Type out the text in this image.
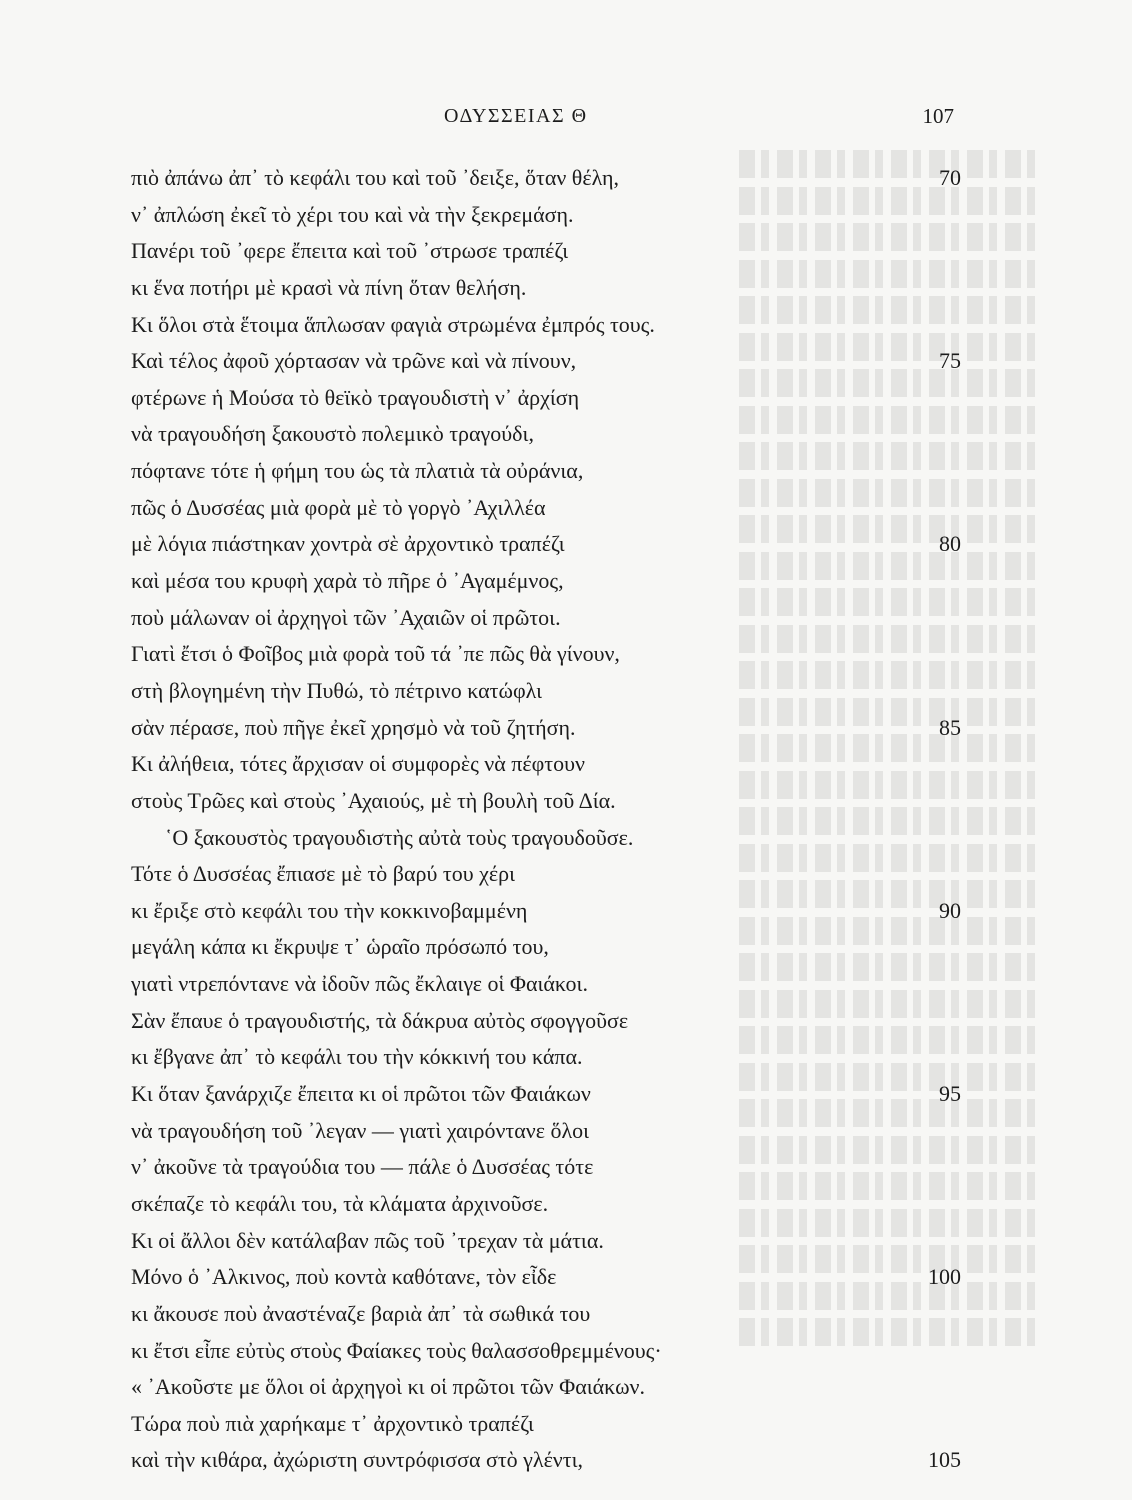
ΟΔΥΣΣΕΙΑΣ Θ	107
πιὸ ἀπάνω ἀπ᾽ τὸ κεφάλι του καὶ τοῦ ᾽δειξε, ὅταν θέλη,	70
ν᾽ ἀπλώση ἐκεῖ τὸ χέρι του καὶ νὰ τὴν ξεκρεμάση.
Πανέρι τοῦ ᾽φερε ἔπειτα καὶ τοῦ ᾽στρωσε τραπέζι
κι ἕνα ποτήρι μὲ κρασὶ νὰ πίνη ὅταν θελήση.
Κι ὅλοι στὰ ἕτοιμα ἅπλωσαν φαγιὰ στρωμένα ἐμπρός τους.
Καὶ τέλος ἀφοῦ χόρτασαν νὰ τρῶνε καὶ νὰ πίνουν,	75
φτέρωνε ἡ Μούσα τὸ θεϊκὸ τραγουδιστὴ ν᾽ ἀρχίση
νὰ τραγουδήση ξακουστὸ πολεμικὸ τραγούδι,
πόφτανε τότε ἡ φήμη του ὡς τὰ πλατιὰ τὰ οὐράνια,
πῶς ὁ Δυσσέας μιὰ φορὰ μὲ τὸ γοργὸ ᾽Αχιλλέα
μὲ λόγια πιάστηκαν χοντρὰ σὲ ἀρχοντικὸ τραπέζι	80
καὶ μέσα του κρυφὴ χαρὰ τὸ πῆρε ὁ ᾽Αγαμέμνος,
ποὺ μάλωναν οἱ ἀρχηγοὶ τῶν ᾽Αχαιῶν οἱ πρῶτοι.
Γιατὶ ἔτσι ὁ Φοῖβος μιὰ φορὰ τοῦ τά ᾽πε πῶς θὰ γίνουν,
στὴ βλογημένη τὴν Πυθώ, τὸ πέτρινο κατώφλι
σὰν πέρασε, ποὺ πῆγε ἐκεῖ χρησμὸ νὰ τοῦ ζητήση.	85
Κι ἀλήθεια, τότες ἄρχισαν οἱ συμφορὲς νὰ πέφτουν
στοὺς Τρῶες καὶ στοὺς ᾽Αχαιούς, μὲ τὴ βουλὴ τοῦ Δία.
῾Ο ξακουστὸς τραγουδιστὴς αὐτὰ τοὺς τραγουδοῦσε.
Τότε ὁ Δυσσέας ἔπιασε μὲ τὸ βαρύ του χέρι
κι ἔριξε στὸ κεφάλι του τὴν κοκκινοβαμμένη	90
μεγάλη κάπα κι ἔκρυψε τ᾽ ὡραῖο πρόσωπό του,
γιατὶ ντρεπόντανε νὰ ἰδοῦν πῶς ἔκλαιγε οἱ Φαιάκοι.
Σὰν ἔπαυε ὁ τραγουδιστής, τὰ δάκρυα αὐτὸς σφογγοῦσε
κι ἔβγανε ἀπ᾽ τὸ κεφάλι του τὴν κόκκινή του κάπα.
Κι ὅταν ξανάρχιζε ἔπειτα κι οἱ πρῶτοι τῶν Φαιάκων	95
νὰ τραγουδήση τοῦ ᾽λεγαν — γιατὶ χαιρόντανε ὅλοι
ν᾽ ἀκοῦνε τὰ τραγούδια του — πάλε ὁ Δυσσέας τότε
σκέπαζε τὸ κεφάλι του, τὰ κλάματα ἀρχινοῦσε.
Κι οἱ ἄλλοι δὲν κατάλαβαν πῶς τοῦ ᾽τρεχαν τὰ μάτια.
Μόνο ὁ ᾽Αλκινος, ποὺ κοντὰ καθότανε, τὸν εἶδε	100
κι ἄκουσε ποὺ ἀναστέναζε βαριὰ ἀπ᾽ τὰ σωθικά του
κι ἔτσι εἶπε εὐτὺς στοὺς Φαίακες τοὺς θαλασσοθρεμμένους·
« ᾽Ακοῦστε με ὅλοι οἱ ἀρχηγοὶ κι οἱ πρῶτοι τῶν Φαιάκων.
Τώρα ποὺ πιὰ χαρήκαμε τ᾽ ἀρχοντικὸ τραπέζι
καὶ τὴν κιθάρα, ἀχώριστη συντρόφισσα στὸ γλέντι,	105
